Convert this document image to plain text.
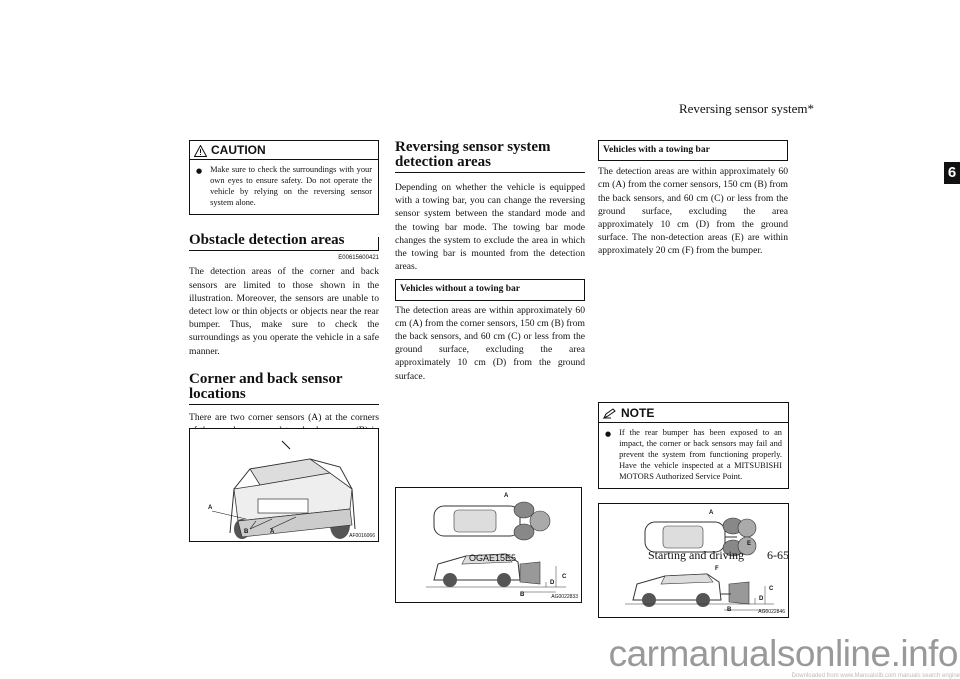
Reversing sensor system*
6
CAUTION
● Make sure to check the surroundings with your own eyes to ensure safety. Do not operate the vehicle by relying on the reversing sensor system alone.
Obstacle detection areas
E00615600421
The detection areas of the corner and back sensors are limited to those shown in the illustration. Moreover, the sensors are unable to detect low or thin objects or objects near the rear bumper. Thus, make sure to check the surroundings as you operate the vehicle in a safe manner.
Corner and back sensor locations
There are two corner sensors (A) at the corners
A
B	A
AF0016066
Reversing sensor system detection areas
Depending on whether the vehicle is equipped with a towing bar, you can change the reversing sensor system between the standard mode and the towing bar mode. The towing bar mode changes the system to exclude the area in which the towing bar is mounted from the detection areas.
Vehicles without a towing bar
The detection areas are within approximately 60 cm (A) from the corner sensors, 150 cm (B) from the back sensors, and 60 cm (C) or less from the ground surface, excluding the area approximately 10 cm (D) from the ground surface.
A
B
C
D
AG0022833
Vehicles with a towing bar
The detection areas are within approximately 60 cm (A) from the corner sensors, 150 cm (B) from the back sensors, and 60 cm (C) or less from the ground surface, excluding the area approximately 10 cm (D) from the ground surface. The non-detection areas (E) are within approximately 20 cm (F) from the bumper.
A
B
C
D
E
F
AG0022846
NOTE
● If the rear bumper has been exposed to an impact, the corner or back sensors may fail and prevent the system from functioning properly. Have the vehicle inspected at a MITSUBISHI MOTORS Authorized Service Point.
OGAE15E5	Starting and driving 6-65
carmanualsonline.info
Downloaded from www.Manualslib.com manuals search engine
